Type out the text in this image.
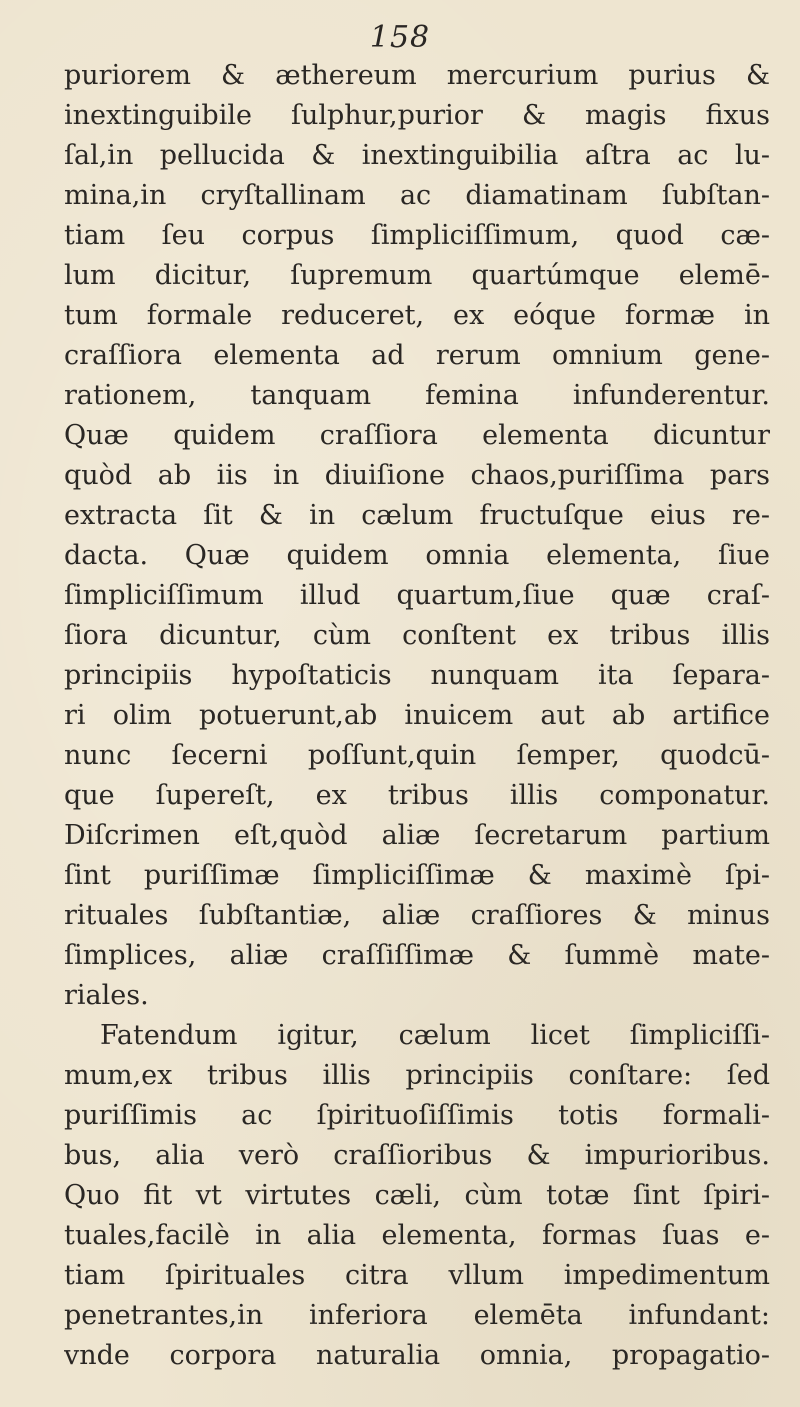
158
puriorem & æthereum mercurium purius &
inextinguibile ſulphur,purior & magis fixus
ſal,in pellucida & inextinguibilia aſtra ac lu-
mina,in cryſtallinam ac diamatinam ſubſtan-
tiam ſeu corpus ſimpliciſſimum, quod cæ-
lum dicitur, ſupremum quartúmque elemē-
tum formale reduceret, ex eóque formæ in
craſſiora elementa ad rerum omnium gene-
rationem, tanquam femina infunderentur.
Quæ quidem craſſiora elementa dicuntur
quòd ab iis in diuiſione chaos,puriſſima pars
extracta ſit & in cælum fructuſque eius re-
dacta. Quæ quidem omnia elementa, ſiue
ſimpliciſſimum illud quartum,ſiue quæ craſ-
ſiora dicuntur, cùm conſtent ex tribus illis
principiis hypoſtaticis nunquam ita ſepara-
ri olim potuerunt,ab inuicem aut ab artifice
nunc ſecerni poſſunt,quin ſemper, quodcū-
que ſupereſt, ex tribus illis componatur.
Diſcrimen eſt,quòd aliæ ſecretarum partium
ſint puriſſimæ ſimpliciſſimæ & maximè ſpi-
rituales ſubſtantiæ, aliæ craſſiores & minus
ſimplices, aliæ craſſiſſimæ & ſummè mate-
riales.
Fatendum igitur, cælum licet ſimpliciſſi-
mum,ex tribus illis principiis conſtare: ſed
puriſſimis ac ſpirituoſiſſimis totis formali-
bus, alia verò craſſioribus & impurioribus.
Quo fit vt virtutes cæli, cùm totæ ſint ſpiri-
tuales,facilè in alia elementa, formas ſuas e-
tiam ſpirituales citra vllum impedimentum
penetrantes,in inferiora elemēta infundant:
vnde corpora naturalia omnia, propagatio-
